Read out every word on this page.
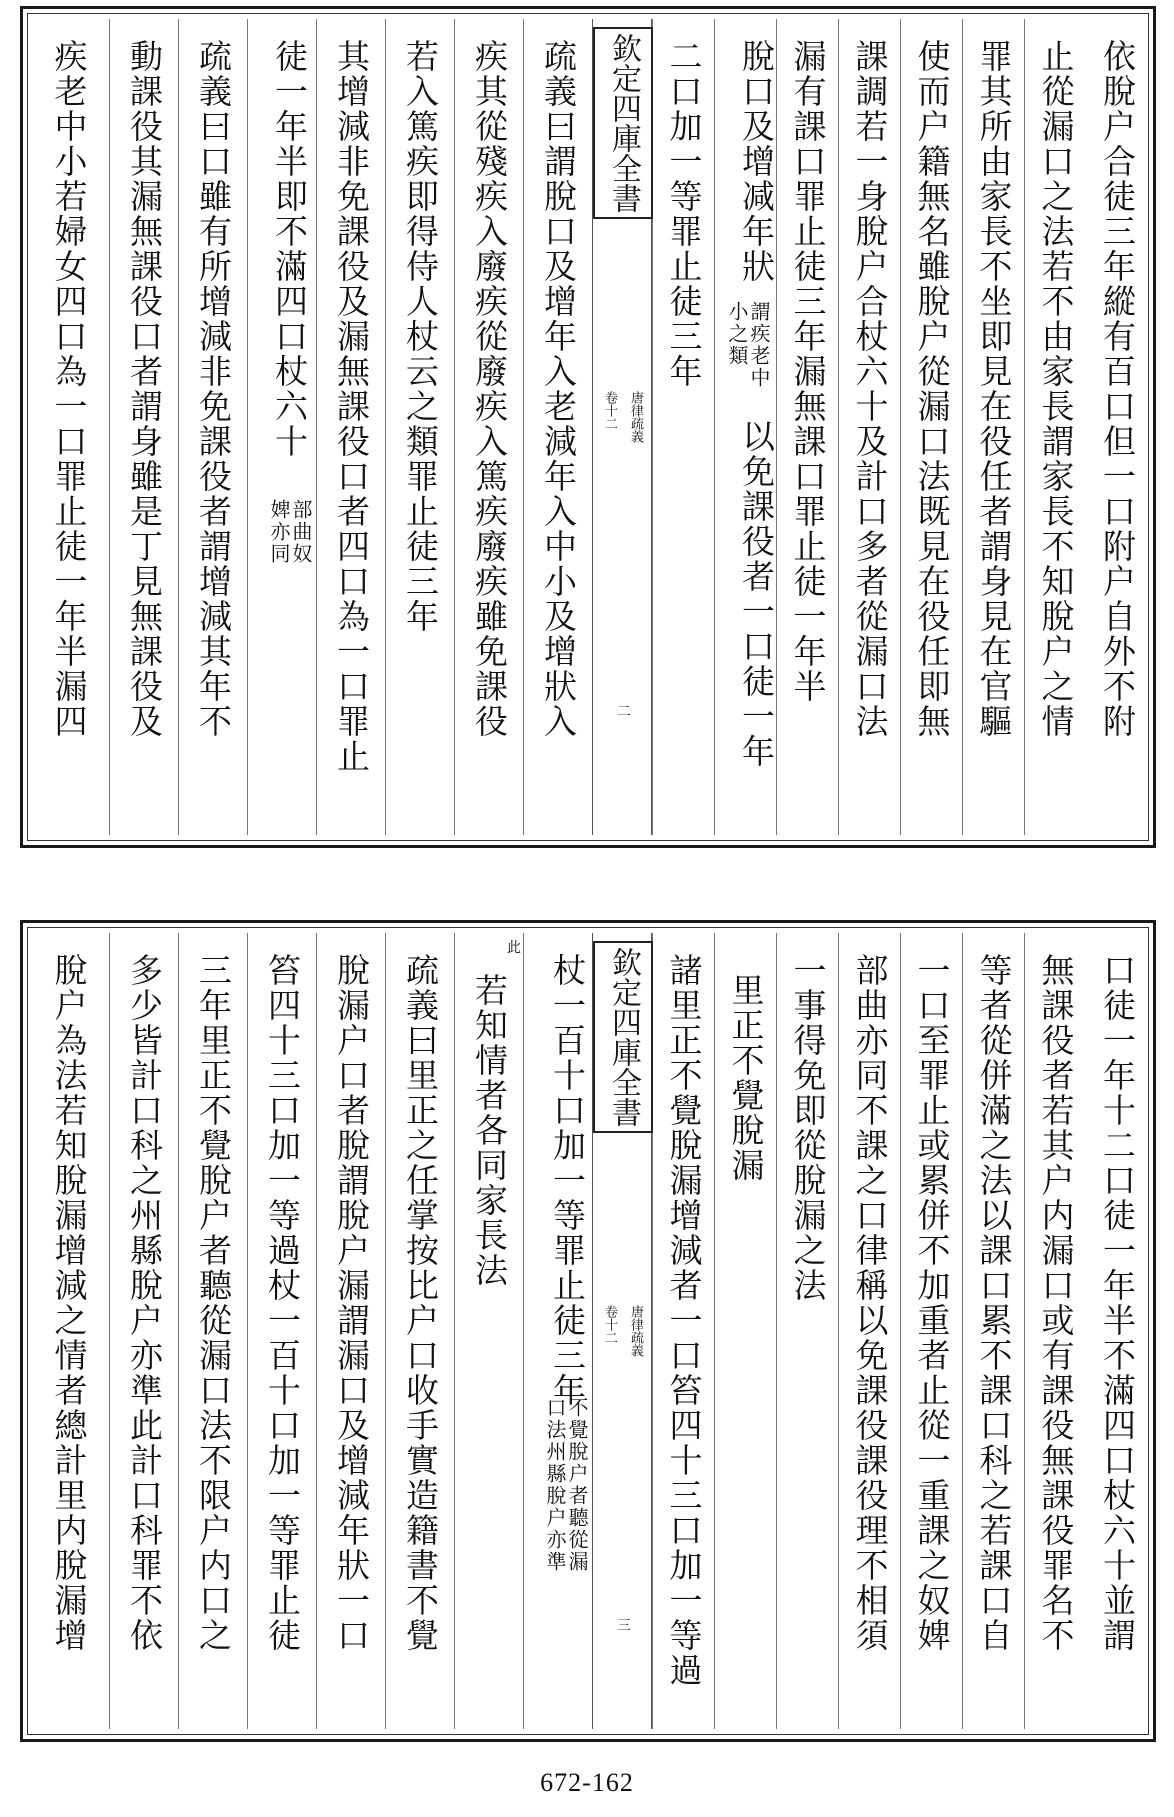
依脫户合徒三年縱有百口但一口附户自外不附
止從漏口之法若不由家長謂家長不知脫户之情
罪其所由家長不坐即見在役任者謂身見在官驅
使而户籍無名雖脫户從漏口法既見在役任即無
課調若一身脫户合杖六十及計口多者從漏口法
漏有課口罪止徒三年漏無課口罪止徒一年半
脫口及增减年狀
謂疾老中
小之類
以免課役者一口徒一年
二口加一等罪止徒三年
欽定四庫全書
卷十二 唐律疏義
二
疏義曰謂脫口及增年入老減年入中小及增狀入
疾其從殘疾入廢疾從廢疾入篤疾廢疾雖免課役
若入篤疾即得侍人杖云之類罪止徒三年
其增減非免課役及漏無課役口者四口為一口罪止
徒一年半即不滿四口杖六十
部曲奴
婢亦同
疏義曰口雖有所增減非免課役者謂增減其年不
動課役其漏無課役口者謂身雖是丁見無課役及
疾老中小若婦女四口為一口罪止徒一年半漏四
口徒一年十二口徒一年半不滿四口杖六十並謂
無課役者若其户内漏口或有課役無課役罪名不
等者從併滿之法以課口累不課口科之若課口自
一口至罪止或累併不加重者止從一重課之奴婢
部曲亦同不課之口律稱以免課役課役理不相須
一事得免即從脫漏之法
里正不覺脫漏
諸里正不覺脫漏增減者一口笞四十三口加一等過
欽定四庫全書
卷十二 唐律疏義
三
杖一百十口加一等罪止徒三年
不覺脫户者聽從漏
口法州縣脫户亦準
此
若知情者各同家長法
疏義曰里正之任掌按比户口收手實造籍書不覺
脫漏户口者脫謂脫户漏謂漏口及增減年狀一口
笞四十三口加一等過杖一百十口加一等罪止徒
三年里正不覺脫户者聽從漏口法不限户内口之
多少皆計口科之州縣脫户亦準此計口科罪不依
脫户為法若知脫漏增減之情者總計里内脫漏增
672-162
